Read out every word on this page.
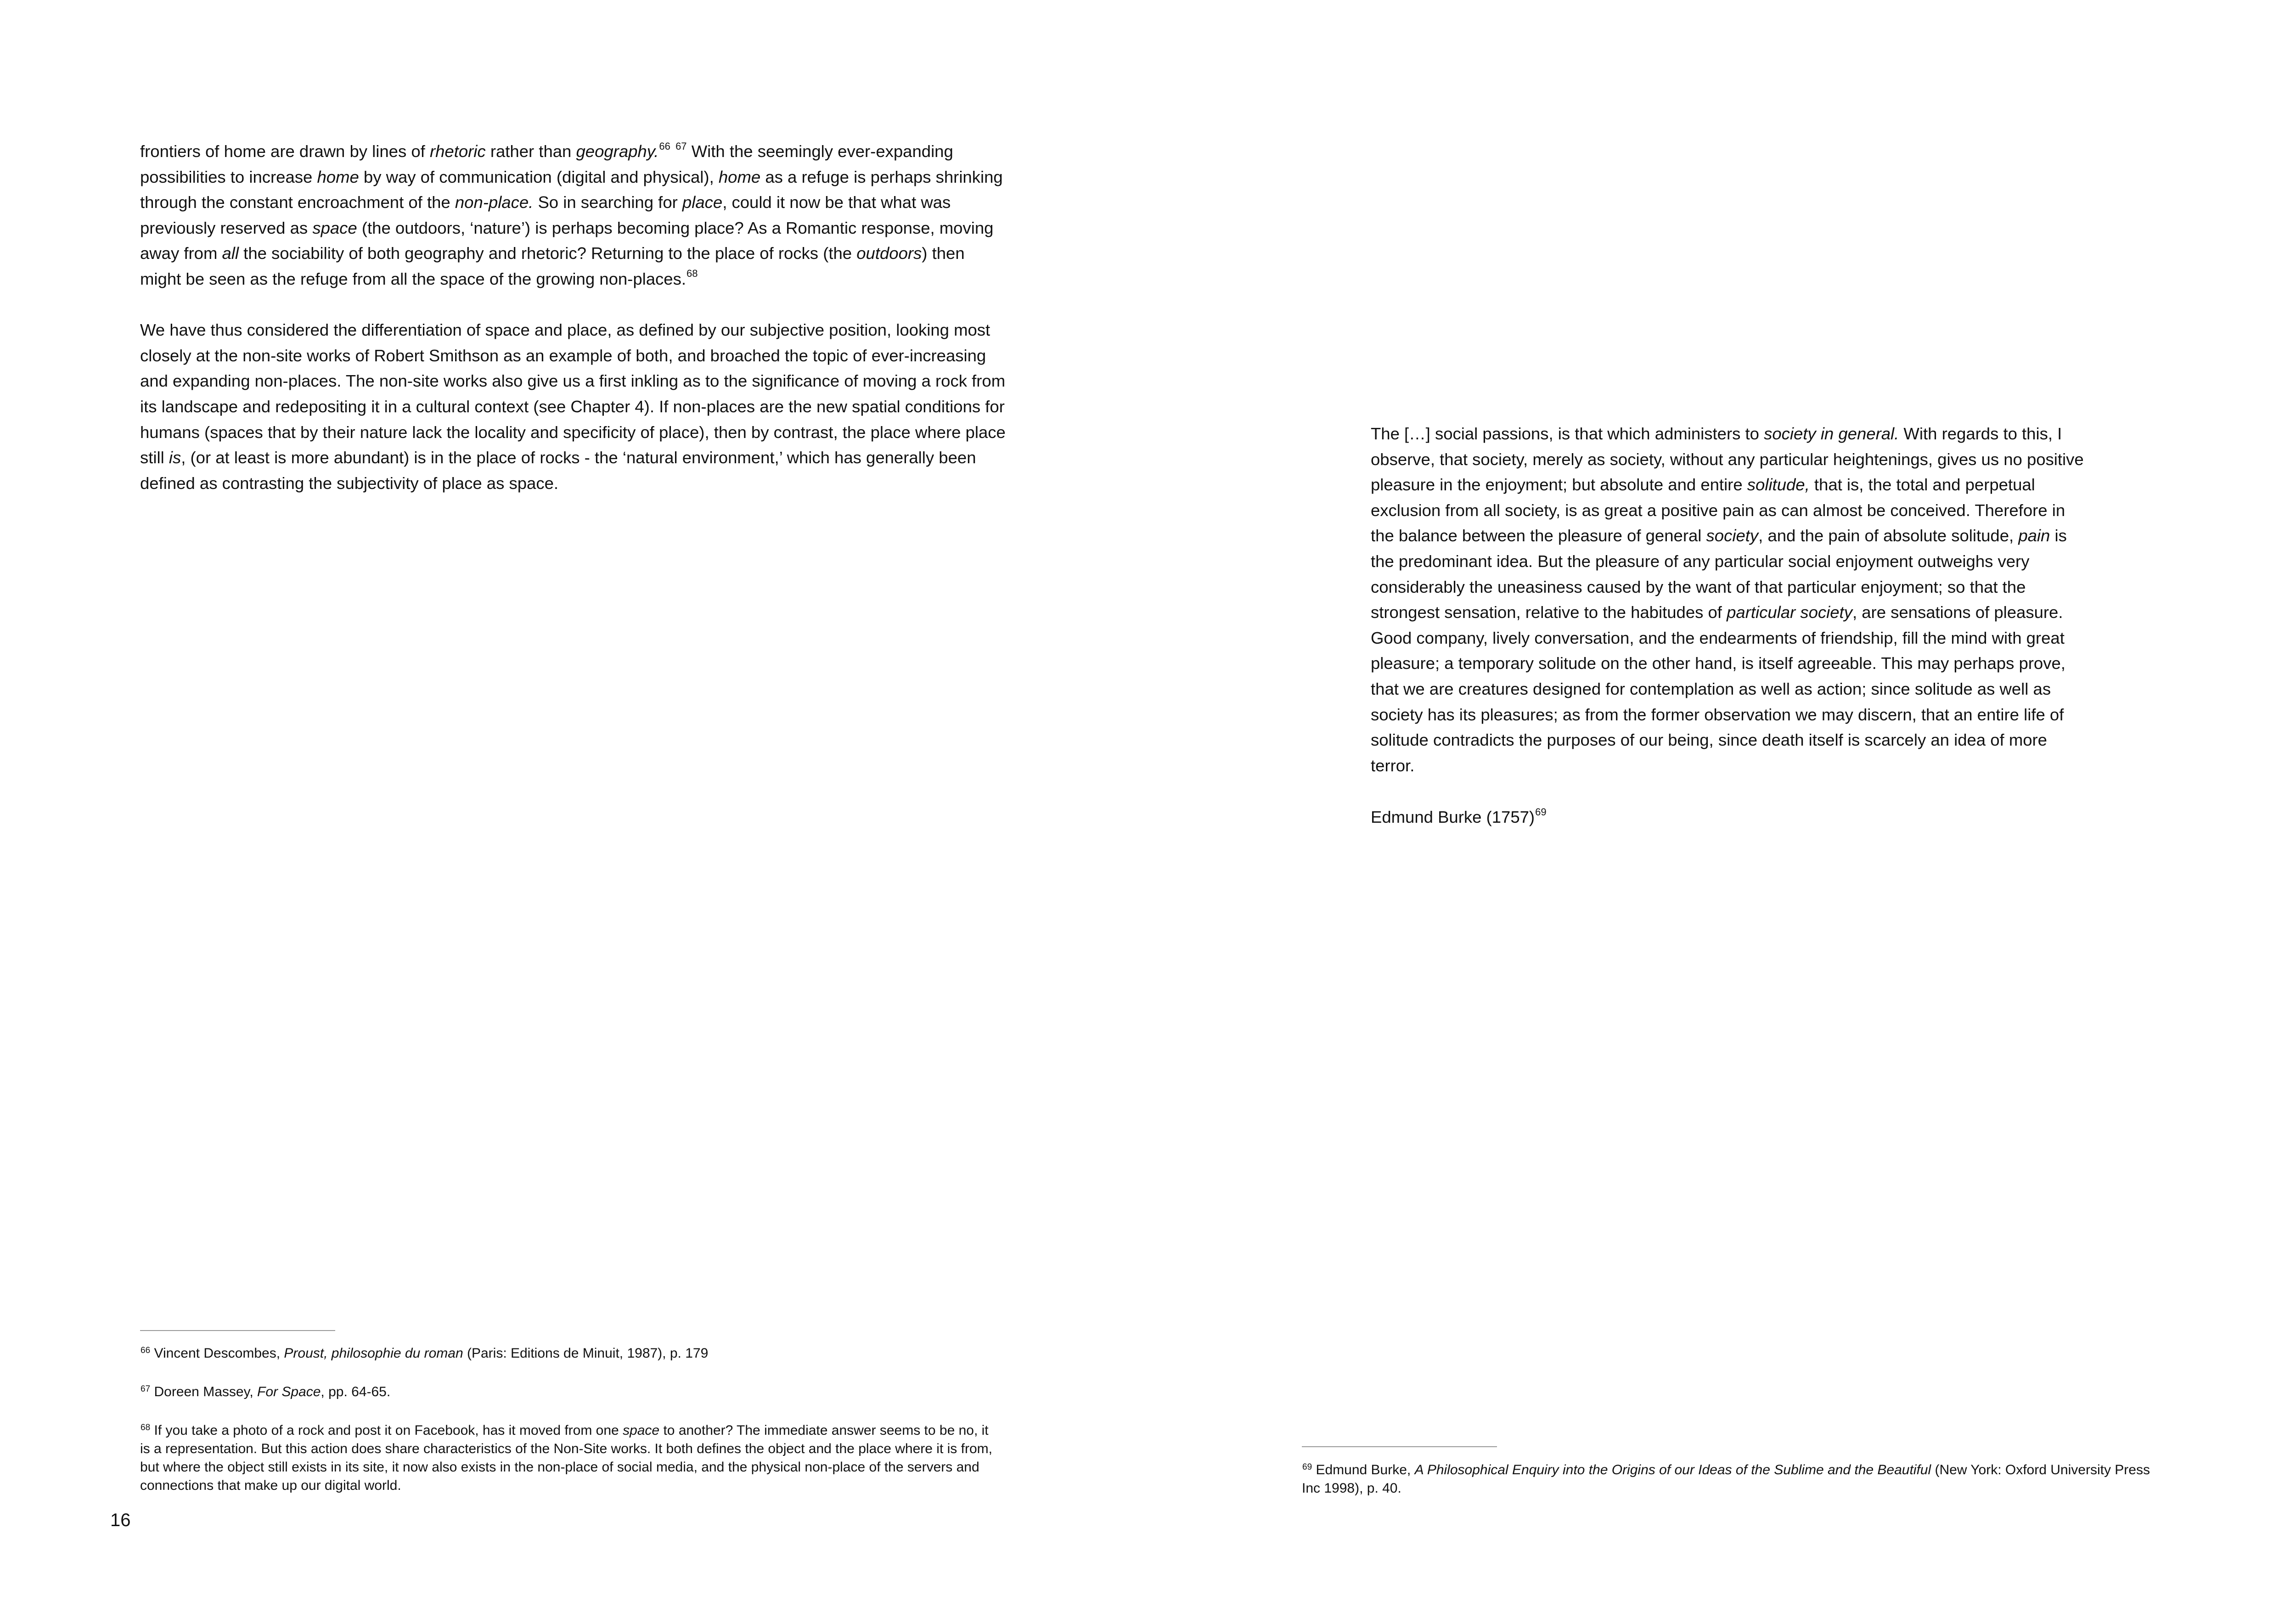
frontiers of home are drawn by lines of rhetoric rather than geography.$^{66}$ $^{67}$ With the seemingly ever-expanding possibilities to increase home by way of communication (digital and physical), home as a refuge is perhaps shrinking through the constant encroachment of the non-place. So in searching for place, could it now be that what was previously reserved as space (the outdoors, ‘nature’) is perhaps becoming place? As a Romantic response, moving away from all the sociability of both geography and rhetoric? Returning to the place of rocks (the outdoors) then might be seen as the refuge from all the space of the growing non-places.$^{68}$

We have thus considered the differentiation of space and place, as defined by our subjective position, looking most closely at the non-site works of Robert Smithson as an example of both, and broached the topic of ever-increasing and expanding non-places. The non-site works also give us a first inkling as to the significance of moving a rock from its landscape and redepositing it in a cultural context (see Chapter 4). If non-places are the new spatial conditions for humans (spaces that by their nature lack the locality and specificity of place), then by contrast, the place where place still is, (or at least is more abundant) is in the place of rocks - the ‘natural environment,’ which has generally been defined as contrasting the subjectivity of place as space.

$^{66}$ Vincent Descombes, Proust, philosophie du roman (Paris: Editions de Minuit, 1987), p. 179

$^{67}$ Doreen Massey, For Space, pp. 64-65.

$^{68}$ If you take a photo of a rock and post it on Facebook, has it moved from one space to another? The immediate answer seems to be no, it is a representation. But this action does share characteristics of the Non-Site works. It both defines the object and the place where it is from, but where the object still exists in its site, it now also exists in the non-place of social media, and the physical non-place of the servers and connections that make up our digital world.

16

The […] social passions, is that which administers to society in general. With regards to this, I observe, that society, merely as society, without any particular heightenings, gives us no positive pleasure in the enjoyment; but absolute and entire solitude, that is, the total and perpetual exclusion from all society, is as great a positive pain as can almost be conceived. Therefore in the balance between the pleasure of general society, and the pain of absolute solitude, pain is the predominant idea. But the pleasure of any particular social enjoyment outweighs very considerably the uneasiness caused by the want of that particular enjoyment; so that the strongest sensation, relative to the habitudes of particular society, are sensations of pleasure. Good company, lively conversation, and the endearments of friendship, fill the mind with great pleasure; a temporary solitude on the other hand, is itself agreeable. This may perhaps prove, that we are creatures designed for contemplation as well as action; since solitude as well as society has its pleasures; as from the former observation we may discern, that an entire life of solitude contradicts the purposes of our being, since death itself is scarcely an idea of more terror.

Edmund Burke (1757)$^{69}$

$^{69}$ Edmund Burke, A Philosophical Enquiry into the Origins of our Ideas of the Sublime and the Beautiful (New York: Oxford University Press Inc 1998), p. 40.
